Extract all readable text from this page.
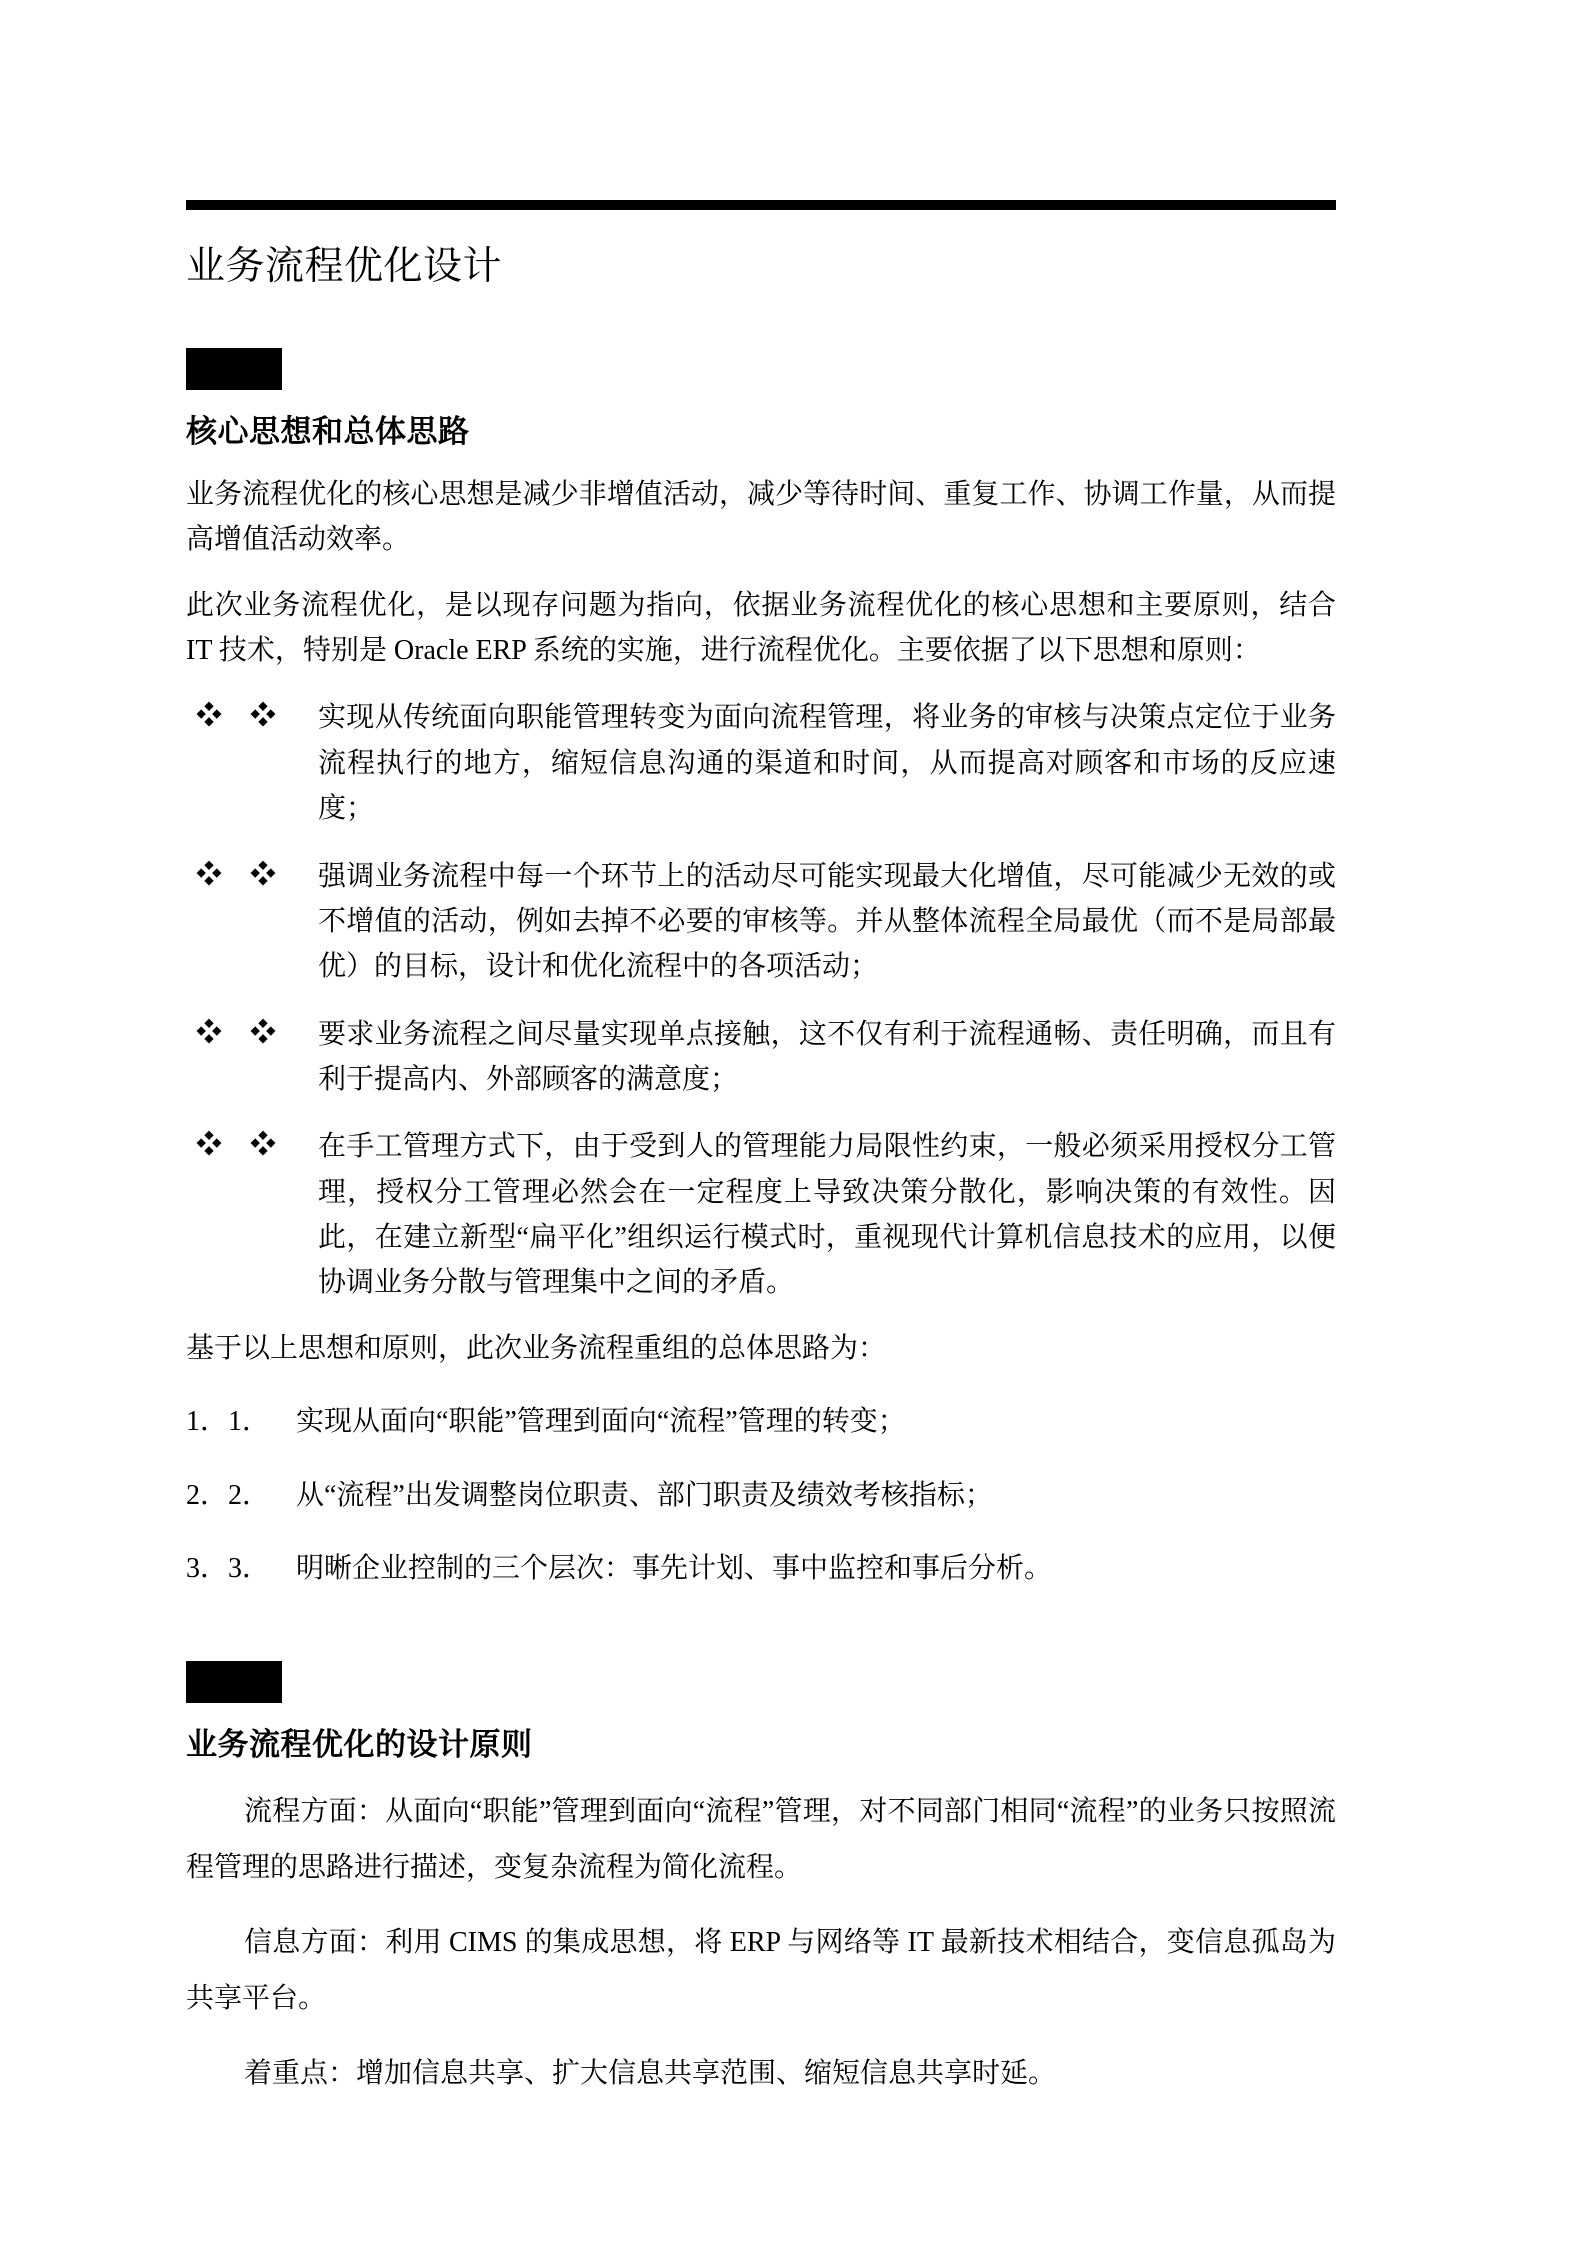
业务流程优化设计
核心思想和总体思路

业务流程优化的核心思想是减少非增值活动，减少等待时间、重复工作、协调工作量，从而提高增值活动效率。

此次业务流程优化，是以现存问题为指向，依据业务流程优化的核心思想和主要原则，结合 IT 技术，特别是 Oracle ERP 系统的实施，进行流程优化。主要依据了以下思想和原则：

❖❖ 实现从传统面向职能管理转变为面向流程管理，将业务的审核与决策点定位于业务流程执行的地方，缩短信息沟通的渠道和时间，从而提高对顾客和市场的反应速度；
❖❖ 强调业务流程中每一个环节上的活动尽可能实现最大化增值，尽可能减少无效的或不增值的活动，例如去掉不必要的审核等。并从整体流程全局最优（而不是局部最优）的目标，设计和优化流程中的各项活动；
❖❖ 要求业务流程之间尽量实现单点接触，这不仅有利于流程通畅、责任明确，而且有利于提高内、外部顾客的满意度；
❖❖ 在手工管理方式下，由于受到人的管理能力局限性约束，一般必须采用授权分工管理，授权分工管理必然会在一定程度上导致决策分散化，影响决策的有效性。因此，在建立新型“扁平化”组织运行模式时，重视现代计算机信息技术的应用，以便协调业务分散与管理集中之间的矛盾。

基于以上思想和原则，此次业务流程重组的总体思路为：

1．1． 实现从面向“职能”管理到面向“流程”管理的转变；
2．2． 从“流程”出发调整岗位职责、部门职责及绩效考核指标；
3．3． 明晰企业控制的三个层次：事先计划、事中监控和事后分析。
业务流程优化的设计原则

流程方面：从面向“职能”管理到面向“流程”管理，对不同部门相同“流程”的业务只按照流程管理的思路进行描述，变复杂流程为简化流程。

信息方面：利用 CIMS 的集成思想，将 ERP 与网络等 IT 最新技术相结合，变信息孤岛为共享平台。

着重点：增加信息共享、扩大信息共享范围、缩短信息共享时延。
